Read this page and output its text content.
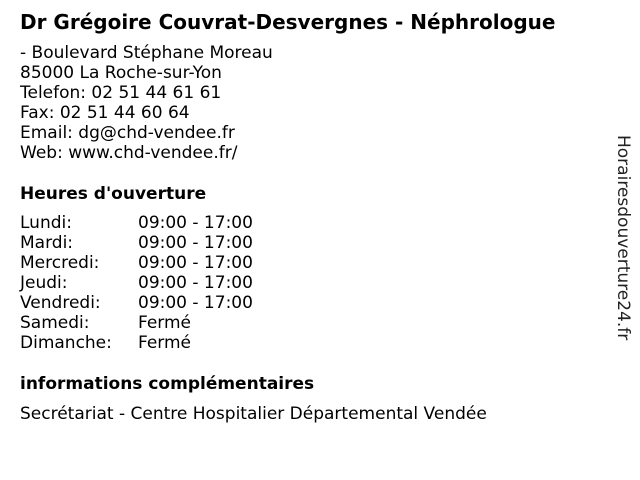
Dr Grégoire Couvrat-Desvergnes - Néphrologue
- Boulevard Stéphane Moreau
85000 La Roche-sur-Yon
Telefon: 02 51 44 61 61
Fax: 02 51 44 60 64
Email: dg@chd-vendee.fr
Web: www.chd-vendee.fr/
Heures d'ouverture
Lundi:	09:00 - 17:00
Mardi:	09:00 - 17:00
Mercredi:	09:00 - 17:00
Jeudi:	09:00 - 17:00
Vendredi:	09:00 - 17:00
Samedi:	Fermé
Dimanche:	Fermé
informations complémentaires
Secrétariat - Centre Hospitalier Départemental Vendée
Horairesdouverture24.fr
